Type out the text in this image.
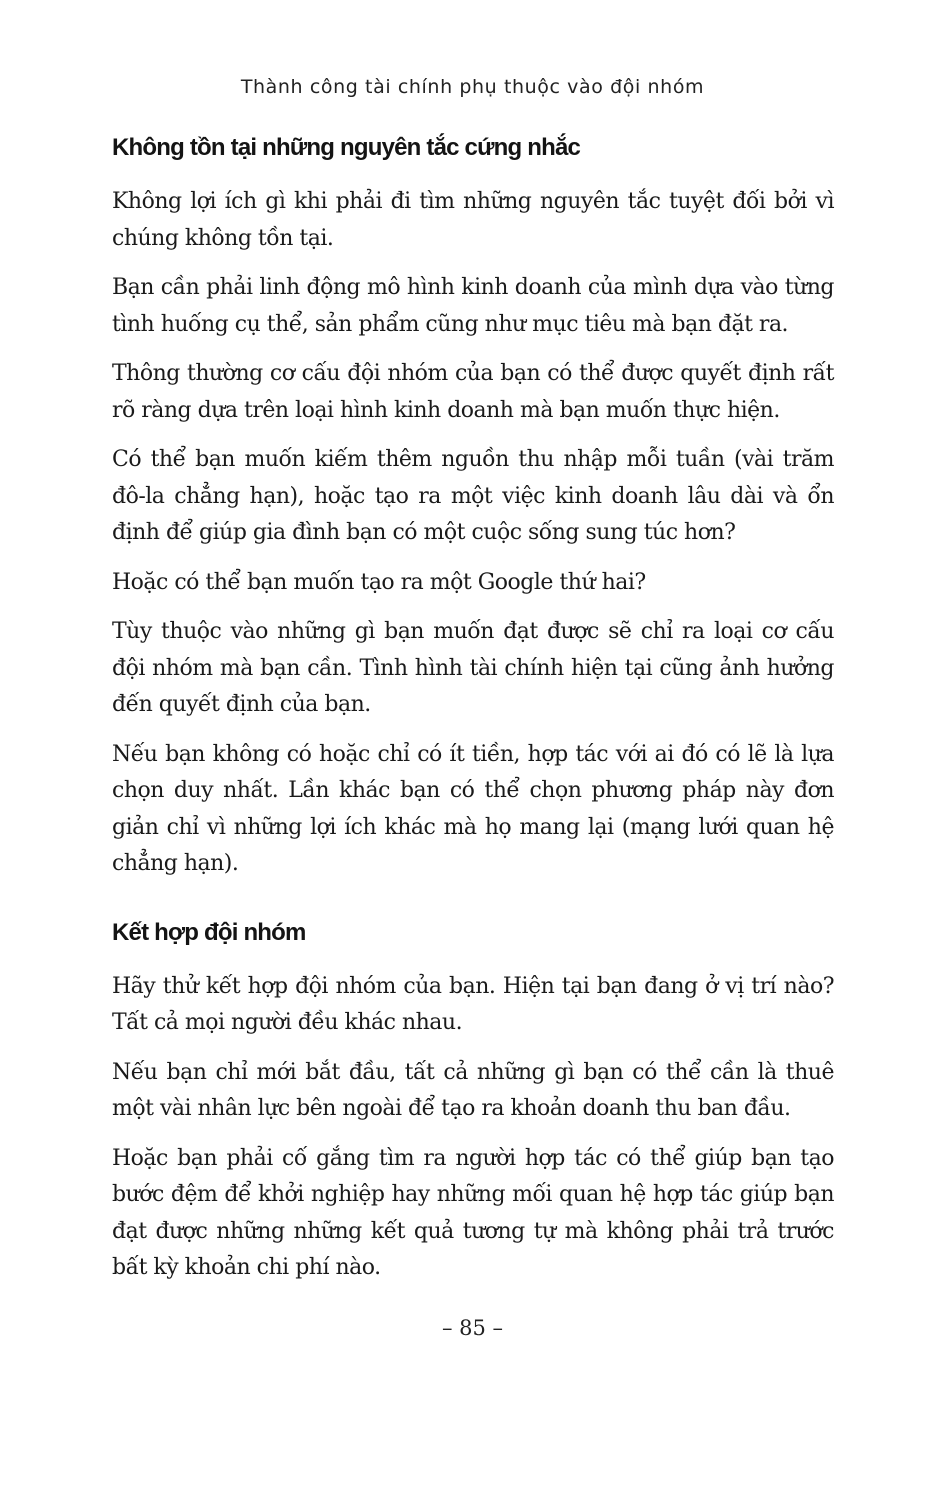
Thành công tài chính phụ thuộc vào đội nhóm
Không tồn tại những nguyên tắc cứng nhắc

Không lợi ích gì khi phải đi tìm những nguyên tắc tuyệt đối bởi vì chúng không tồn tại.

Bạn cần phải linh động mô hình kinh doanh của mình dựa vào từng tình huống cụ thể, sản phẩm cũng như mục tiêu mà bạn đặt ra.

Thông thường cơ cấu đội nhóm của bạn có thể được quyết định rất rõ ràng dựa trên loại hình kinh doanh mà bạn muốn thực hiện.

Có thể bạn muốn kiếm thêm nguồn thu nhập mỗi tuần (vài trăm đô-la chẳng hạn), hoặc tạo ra một việc kinh doanh lâu dài và ổn định để giúp gia đình bạn có một cuộc sống sung túc hơn?

Hoặc có thể bạn muốn tạo ra một Google thứ hai?

Tùy thuộc vào những gì bạn muốn đạt được sẽ chỉ ra loại cơ cấu đội nhóm mà bạn cần. Tình hình tài chính hiện tại cũng ảnh hưởng đến quyết định của bạn.

Nếu bạn không có hoặc chỉ có ít tiền, hợp tác với ai đó có lẽ là lựa chọn duy nhất. Lần khác bạn có thể chọn phương pháp này đơn giản chỉ vì những lợi ích khác mà họ mang lại (mạng lưới quan hệ chẳng hạn).

Kết hợp đội nhóm

Hãy thử kết hợp đội nhóm của bạn. Hiện tại bạn đang ở vị trí nào? Tất cả mọi người đều khác nhau.

Nếu bạn chỉ mới bắt đầu, tất cả những gì bạn có thể cần là thuê một vài nhân lực bên ngoài để tạo ra khoản doanh thu ban đầu.

Hoặc bạn phải cố gắng tìm ra người hợp tác có thể giúp bạn tạo bước đệm để khởi nghiệp hay những mối quan hệ hợp tác giúp bạn đạt được những những kết quả tương tự mà không phải trả trước bất kỳ khoản chi phí nào.

– 85 –
